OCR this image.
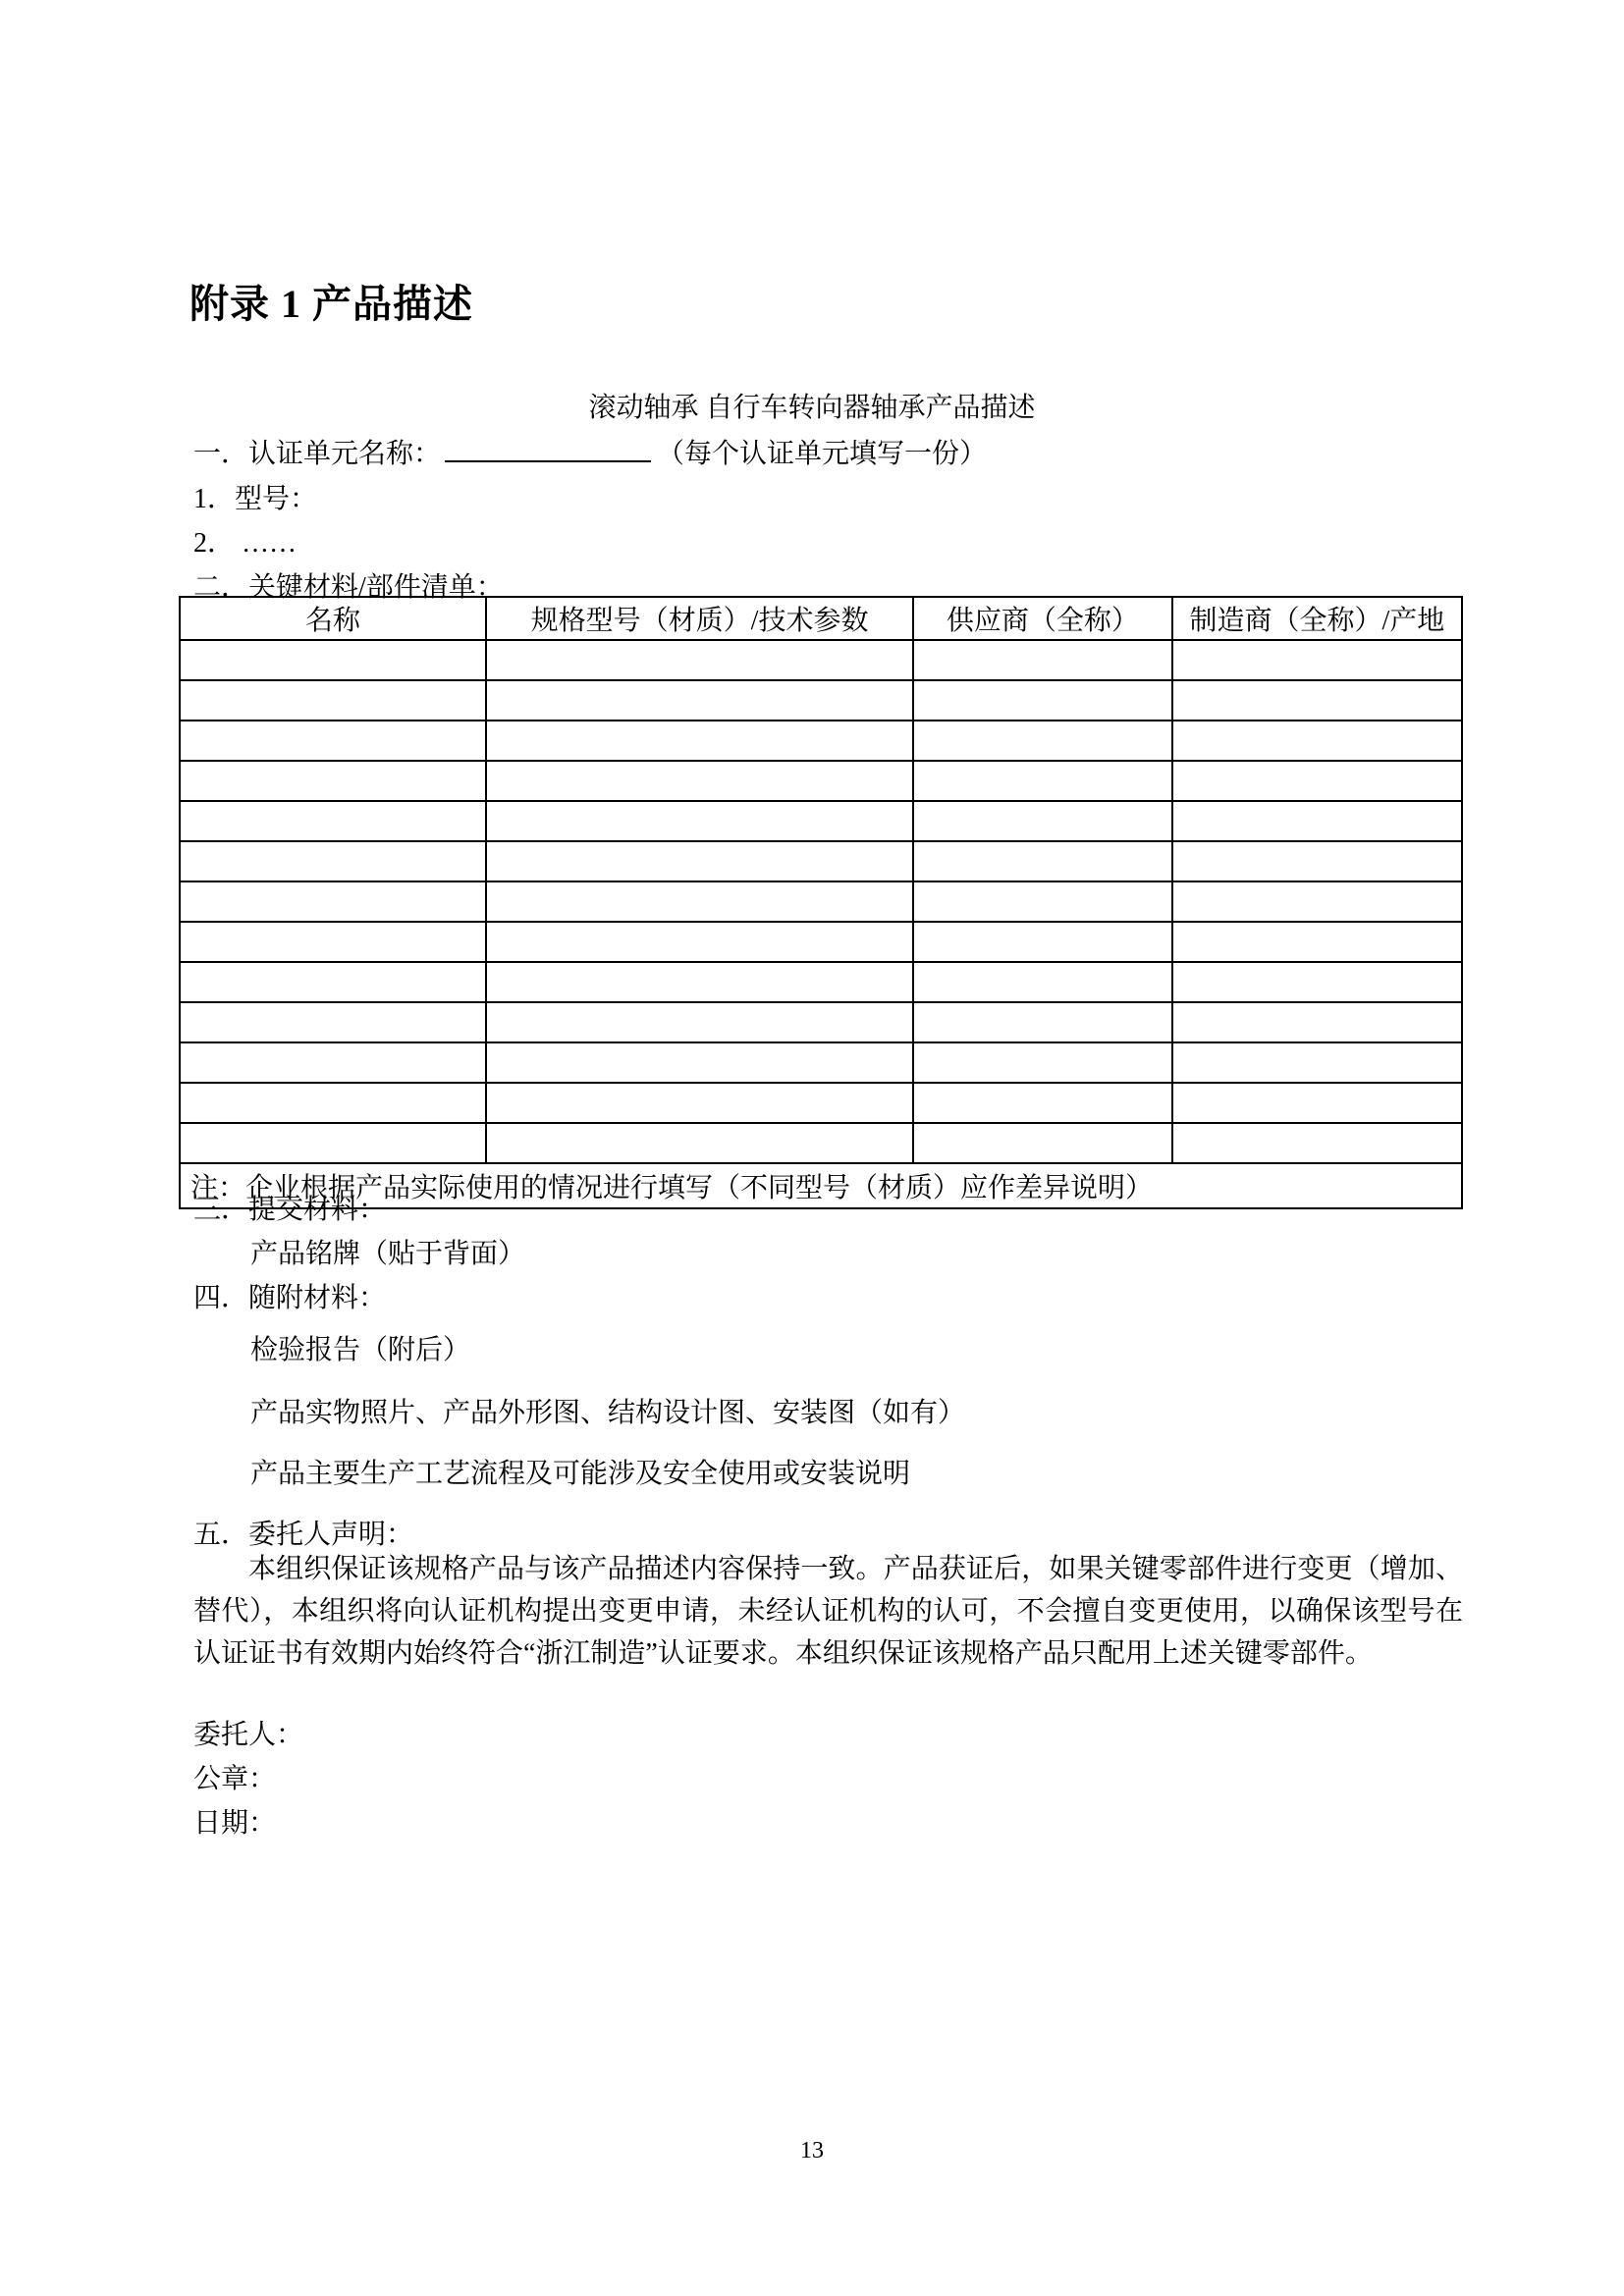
附录 1 产品描述
滚动轴承 自行车转向器轴承产品描述
一．认证单元名称：	（每个认证单元填写一份）
1．型号：
2． ……
二．关键材料/部件清单：
名称	规格型号（材质）/技术参数	供应商（全称）	制造商（全称）/产地

注：企业根据产品实际使用的情况进行填写（不同型号（材质）应作差异说明）			
三．提交材料：
产品铭牌（贴于背面）
四．随附材料：
检验报告（附后）
产品实物照片、产品外形图、结构设计图、安装图（如有）
产品主要生产工艺流程及可能涉及安全使用或安装说明
五．委托人声明：
本组织保证该规格产品与该产品描述内容保持一致。产品获证后，如果关键零部件进行变更（增加、替代），本组织将向认证机构提出变更申请，未经认证机构的认可，不会擅自变更使用，以确保该型号在认证证书有效期内始终符合“浙江制造”认证要求。本组织保证该规格产品只配用上述关键零部件。
委托人：
公章：
日期：
13
